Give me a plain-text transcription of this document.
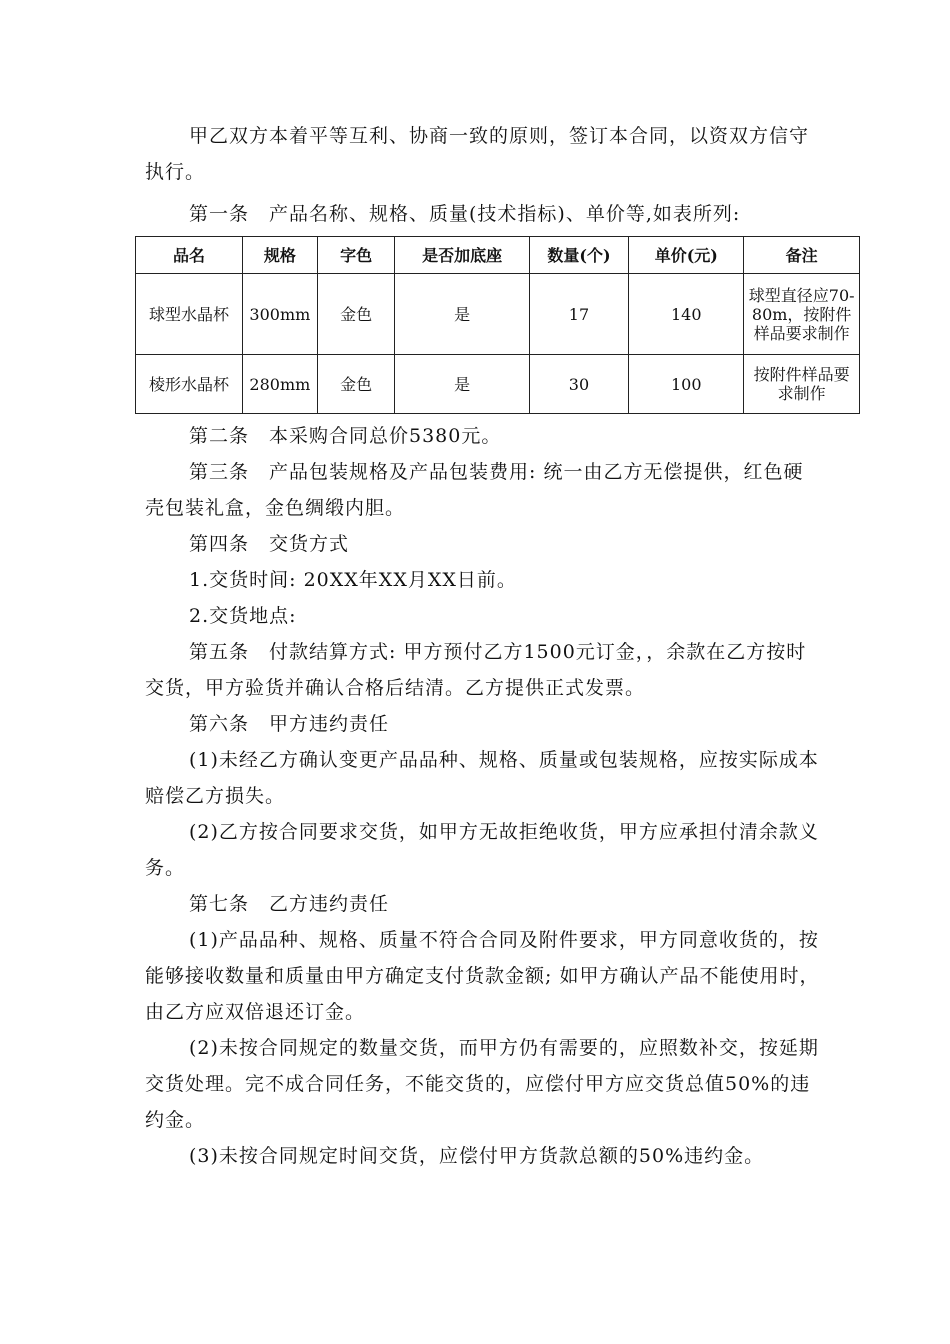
甲乙双方本着平等互利、协商一致的原则，签订本合同，以资双方信守执行。

第一条　产品名称、规格、质量(技术指标)、单价等,如表所列:

品名	规格	字色	是否加底座	数量(个)	单价(元)	备注
球型水晶杯	300mm	金色	是	17	140	球型直径应70-80m，按附件样品要求制作
棱形水晶杯	280mm	金色	是	30	100	按附件样品要求制作

第二条　本采购合同总价5380元。

第三条　产品包装规格及产品包装费用: 统一由乙方无偿提供，红色硬壳包装礼盒，金色绸缎内胆。

第四条　交货方式

1.交货时间: 20XX年XX月XX日前。

2.交货地点:

第五条　付款结算方式: 甲方预付乙方1500元订金，，余款在乙方按时交货，甲方验货并确认合格后结清。乙方提供正式发票。

第六条　甲方违约责任

(1)未经乙方确认变更产品品种、规格、质量或包装规格，应按实际成本赔偿乙方损失。

(2)乙方按合同要求交货，如甲方无故拒绝收货，甲方应承担付清余款义务。

第七条　乙方违约责任

(1)产品品种、规格、质量不符合合同及附件要求，甲方同意收货的，按能够接收数量和质量由甲方确定支付货款金额; 如甲方确认产品不能使用时，由乙方应双倍退还订金。

(2)未按合同规定的数量交货，而甲方仍有需要的，应照数补交，按延期交货处理。完不成合同任务，不能交货的，应偿付甲方应交货总值50%的违约金。

(3)未按合同规定时间交货，应偿付甲方货款总额的50%违约金。
